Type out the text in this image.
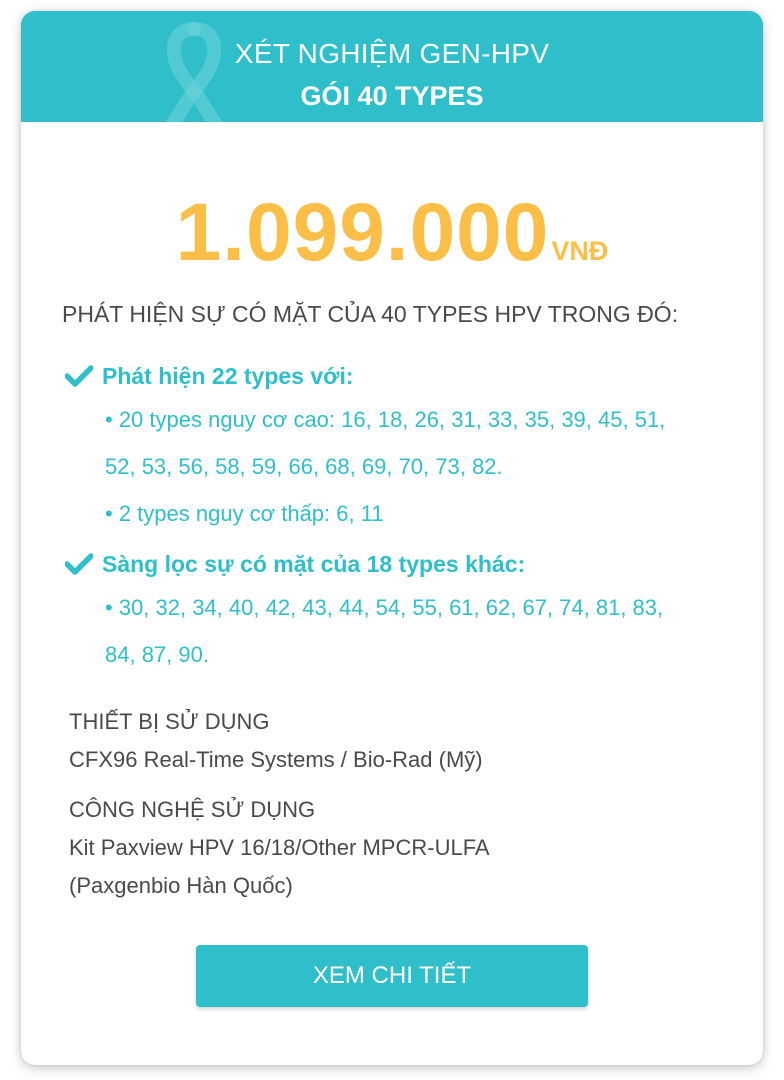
XÉT NGHIỆM GEN-HPV
GÓI 40 TYPES
1.099.000VNĐ
PHÁT HIỆN SỰ CÓ MẶT CỦA 40 TYPES HPV TRONG ĐÓ:
Phát hiện 22 types với:
• 20 types nguy cơ cao: 16, 18, 26, 31, 33, 35, 39, 45, 51,
52, 53, 56, 58, 59, 66, 68, 69, 70, 73, 82.
• 2 types nguy cơ thấp: 6, 11
Sàng lọc sự có mặt của 18 types khác:
• 30, 32, 34, 40, 42, 43, 44, 54, 55, 61, 62, 67, 74, 81, 83,
84, 87, 90.
THIẾT BỊ SỬ DỤNG
CFX96 Real-Time Systems / Bio-Rad (Mỹ)
CÔNG NGHỆ SỬ DỤNG
Kit Paxview HPV 16/18/Other MPCR-ULFA
(Paxgenbio Hàn Quốc)
XEM CHI TIẾT
